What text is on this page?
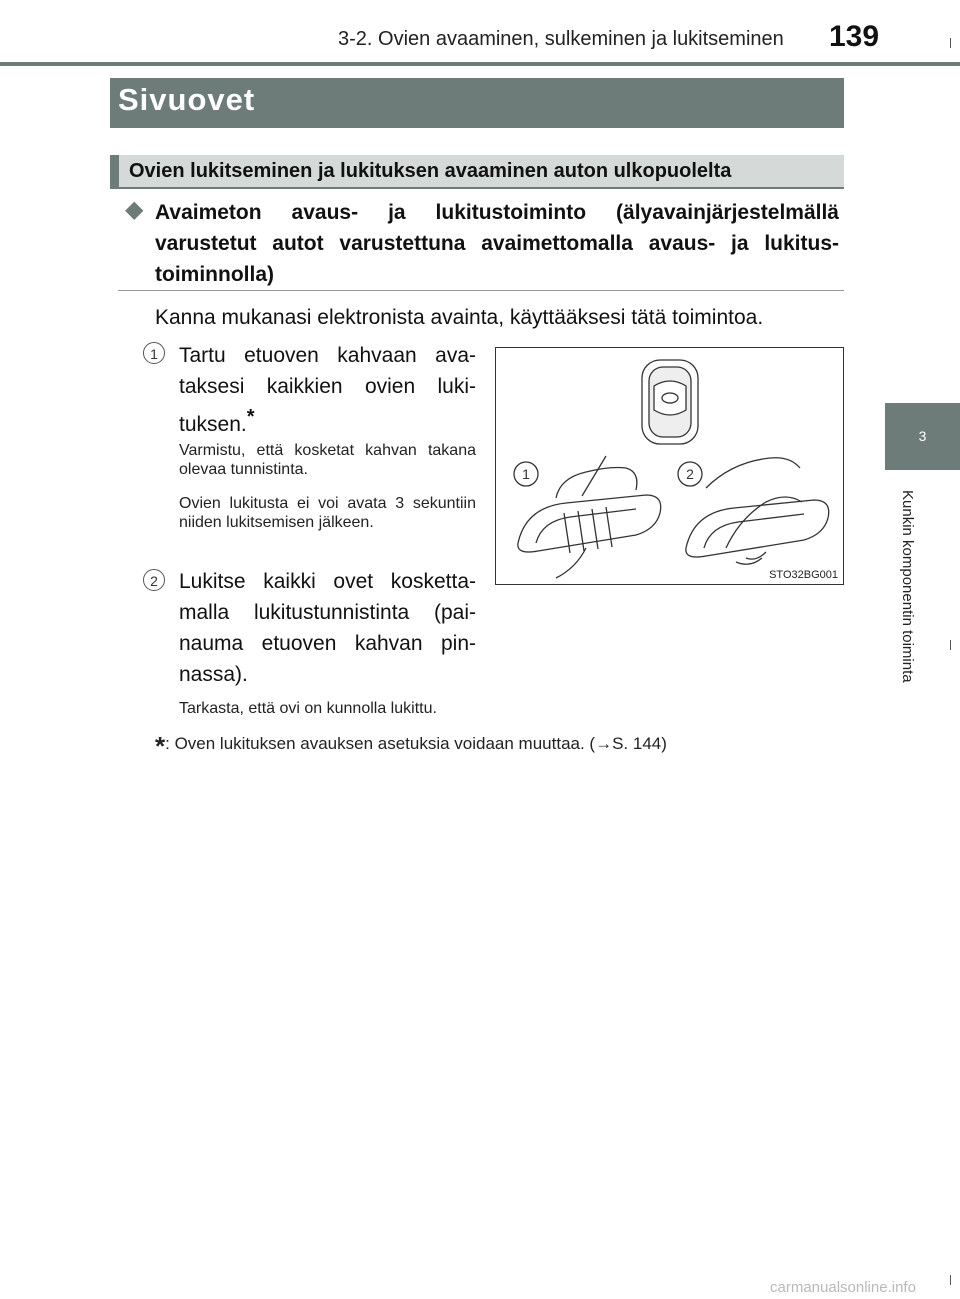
3-2. Ovien avaaminen, sulkeminen ja lukitseminen 139
3
Kunkin komponentin toiminta
Sivuovet
Ovien lukitseminen ja lukituksen avaaminen auton ulkopuolelta
◆ Avaimeton avaus- ja lukitustoiminto (älyavainjärjestelmällä varustetut autot varustettuna avaimettomalla avaus- ja lukitus-toiminnolla)
Kanna mukanasi elektronista avainta, käyttääksesi tätä toimintoa.
1	Tartu etuoven kahvaan ava-taksesi kaikkien ovien luki-tuksen.*
Varmistu, että kosketat kahvan takana olevaa tunnistinta.
Ovien lukitusta ei voi avata 3 sekuntiin niiden lukitsemisen jälkeen.
2	Lukitse kaikki ovet kosketta-malla lukitustunnistinta (pai-nauma etuoven kahvan pin-nassa).
Tarkasta, että ovi on kunnolla lukittu.
1	2
STO32BG001
*: Oven lukituksen avauksen asetuksia voidaan muuttaa. (→S. 144)
carmanualsonline.info
